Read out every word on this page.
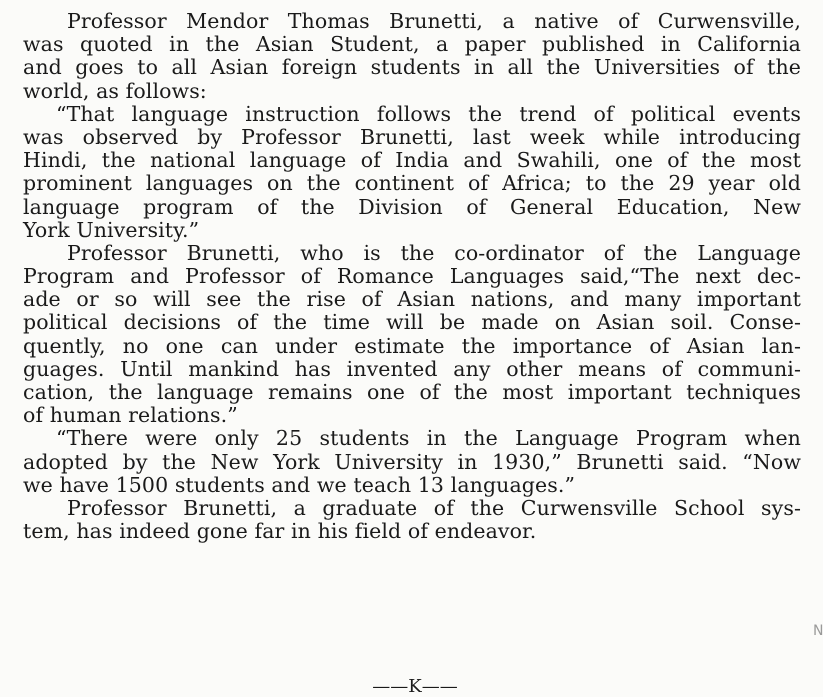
Professor Mendor Thomas Brunetti, a native of Curwensville,
was quoted in the Asian Student, a paper published in California
and goes to all Asian foreign students in all the Universities of the
world, as follows:
“That language instruction follows the trend of political events
was observed by Professor Brunetti, last week while introducing
Hindi, the national language of India and Swahili, one of the most
prominent languages on the continent of Africa; to the 29 year old
language program of the Division of General Education, New
York University.”
Professor Brunetti, who is the co-ordinator of the Language
Program and Professor of Romance Languages said,“The next dec-
ade or so will see the rise of Asian nations, and many important
political decisions of the time will be made on Asian soil. Conse-
quently, no one can under estimate the importance of Asian lan-
guages. Until mankind has invented any other means of communi-
cation, the language remains one of the most important techniques
of human relations.”
“There were only 25 students in the Language Program when
adopted by the New York University in 1930,” Brunetti said. “Now
we have 1500 students and we teach 13 languages.”
Professor Brunetti, a graduate of the Curwensville School sys-
tem, has indeed gone far in his field of endeavor.
——K——
N
